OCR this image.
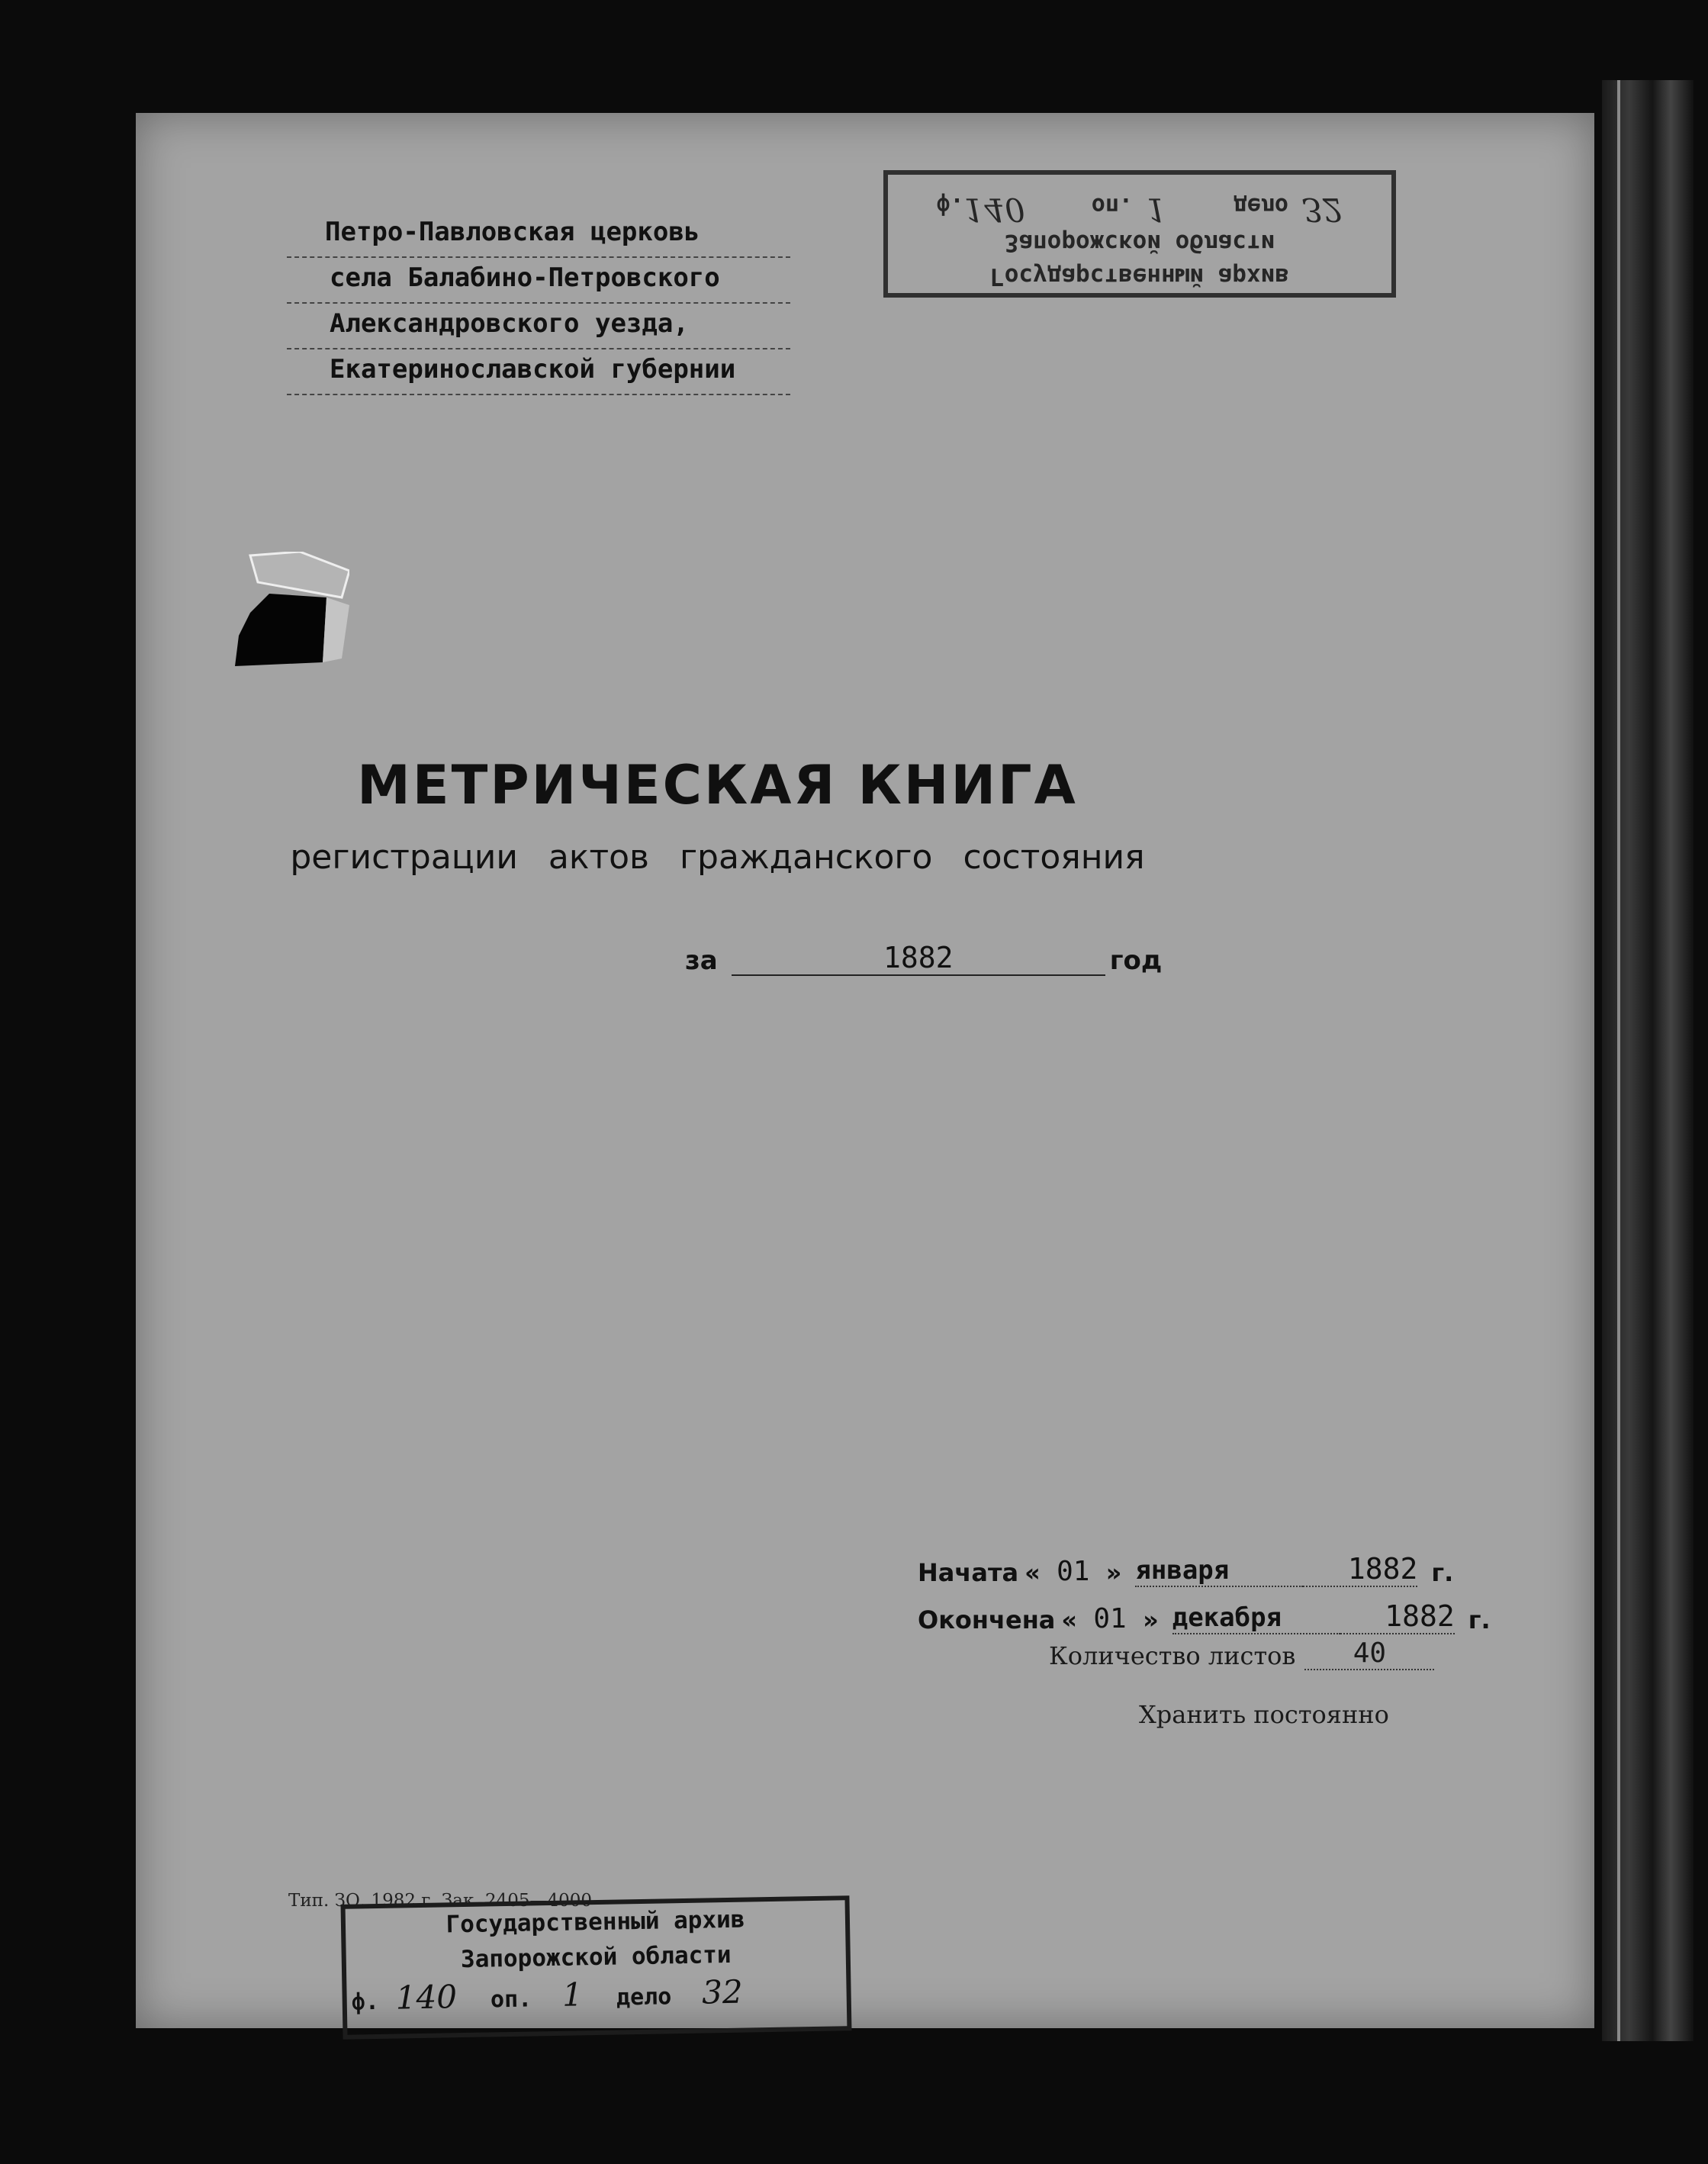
Петро-Павловская церковь
села Балабино-Петровского
Александровского уезда,
Екатеринославской губернии
Государственный архив
Запорожской области
ф.140	оп. 1	дело 32
МЕТРИЧЕСКАЯ КНИГА
регистрации актов гражданского состояния
за	1882	год
Начата « 01 » января	1882 г.
Окончена « 01 » декабря	1882 г.
Количество листов	40
Хранить постоянно
Тип. ЗО. 1982 г. Зак. 2405—4000
Государственный архив
Запорожской области
ф. 140	оп. 1	дело 32
